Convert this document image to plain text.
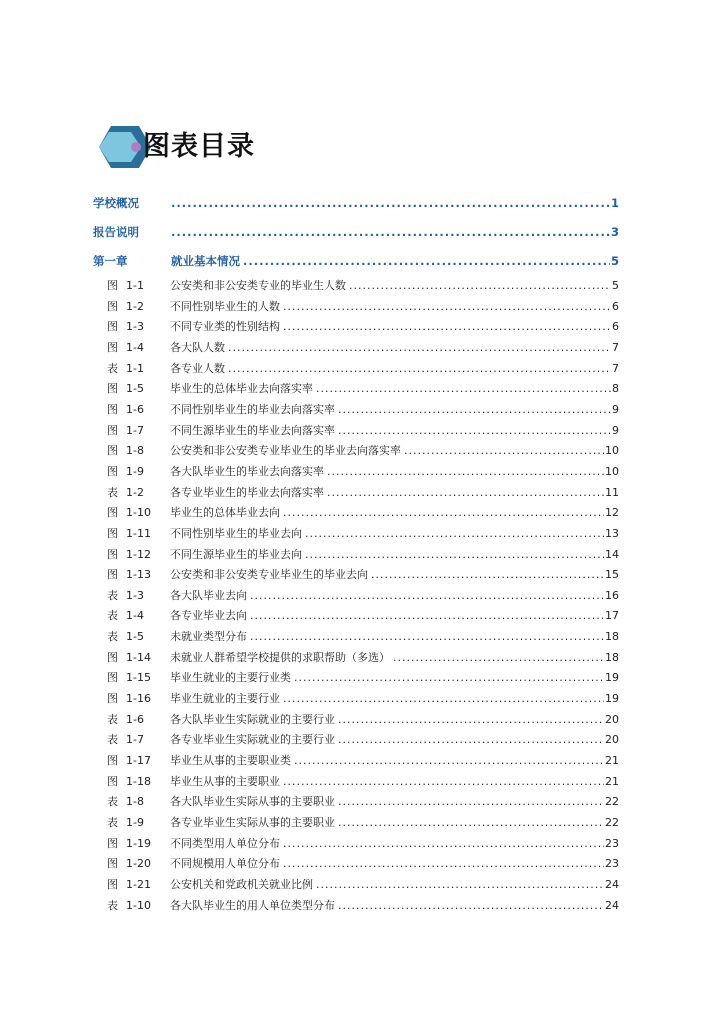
图表目录
学校概况 .....	1
报告说明 .....	3
第一章	就业基本情况 .....	5
图 1-1 公安类和非公安类专业的毕业生人数 .....	5
图 1-2 不同性别毕业生的人数 .....	6
图 1-3 不同专业类的性别结构 .....	6
图 1-4 各大队人数 .....	7
表 1-1 各专业人数 .....	7
图 1-5 毕业生的总体毕业去向落实率 .....	8
图 1-6 不同性别毕业生的毕业去向落实率 .....	9
图 1-7 不同生源毕业生的毕业去向落实率 .....	9
图 1-8 公安类和非公安类专业毕业生的毕业去向落实率 .....	10
图 1-9 各大队毕业生的毕业去向落实率 .....	10
表 1-2 各专业毕业生的毕业去向落实率 .....	11
图 1-10 毕业生的总体毕业去向 .....	12
图 1-11 不同性别毕业生的毕业去向 .....	13
图 1-12 不同生源毕业生的毕业去向 .....	14
图 1-13 公安类和非公安类专业毕业生的毕业去向 .....	15
表 1-3 各大队毕业去向 .....	16
表 1-4 各专业毕业去向 .....	17
表 1-5 未就业类型分布 .....	18
图 1-14 未就业人群希望学校提供的求职帮助（多选） .....	18
图 1-15 毕业生就业的主要行业类 .....	19
图 1-16 毕业生就业的主要行业 .....	19
表 1-6 各大队毕业生实际就业的主要行业 .....	20
表 1-7 各专业毕业生实际就业的主要行业 .....	20
图 1-17 毕业生从事的主要职业类 .....	21
图 1-18 毕业生从事的主要职业 .....	21
表 1-8 各大队毕业生实际从事的主要职业 .....	22
表 1-9 各专业毕业生实际从事的主要职业 .....	22
图 1-19 不同类型用人单位分布 .....	23
图 1-20 不同规模用人单位分布 .....	23
图 1-21 公安机关和党政机关就业比例 .....	24
表 1-10 各大队毕业生的用人单位类型分布 .....	24
